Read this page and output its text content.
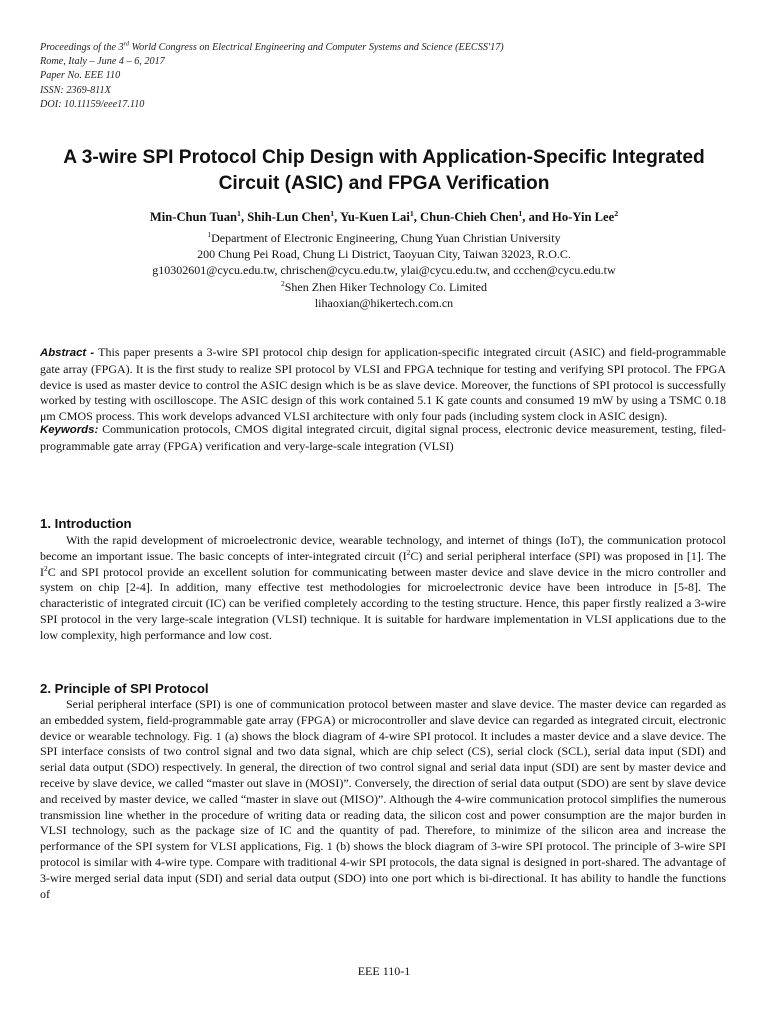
Proceedings of the 3rd World Congress on Electrical Engineering and Computer Systems and Science (EECSS'17)
Rome, Italy – June 4 – 6, 2017
Paper No. EEE 110
ISSN: 2369-811X
DOI: 10.11159/eee17.110
A 3-wire SPI Protocol Chip Design with Application-Specific Integrated
Circuit (ASIC) and FPGA Verification
Min-Chun Tuan$^1$, Shih-Lun Chen$^1$, Yu-Kuen Lai$^1$, Chun-Chieh Chen$^1$, and Ho-Yin Lee$^2$
$^1$Department of Electronic Engineering, Chung Yuan Christian University
200 Chung Pei Road, Chung Li District, Taoyuan City, Taiwan 32023, R.O.C.
g10302601@cycu.edu.tw, chrischen@cycu.edu.tw, ylai@cycu.edu.tw, and ccchen@cycu.edu.tw
$^2$Shen Zhen Hiker Technology Co. Limited
lihaoxian@hikertech.com.cn
Abstract - This paper presents a 3-wire SPI protocol chip design for application-specific integrated circuit (ASIC) and field-programmable gate array (FPGA). It is the first study to realize SPI protocol by VLSI and FPGA technique for testing and verifying SPI protocol. The FPGA device is used as master device to control the ASIC design which is be as slave device. Moreover, the functions of SPI protocol is successfully worked by testing with oscilloscope. The ASIC design of this work contained 5.1 K gate counts and consumed 19 mW by using a TSMC 0.18 μm CMOS process. This work develops advanced VLSI architecture with only four pads (including system clock in ASIC design).
Keywords: Communication protocols, CMOS digital integrated circuit, digital signal process, electronic device measurement, testing, filed-programmable gate array (FPGA) verification and very-large-scale integration (VLSI)
1. Introduction
With the rapid development of microelectronic device, wearable technology, and internet of things (IoT), the communication protocol become an important issue. The basic concepts of inter-integrated circuit $(I^2C)$ and serial peripheral interface (SPI) was proposed in [1]. The $I^2C$ and SPI protocol provide an excellent solution for communicating between master device and slave device in the micro controller and system on chip [2-4]. In addition, many effective test methodologies for microelectronic device have been introduce in [5-8]. The characteristic of integrated circuit (IC) can be verified completely according to the testing structure. Hence, this paper firstly realized a 3-wire SPI protocol in the very large-scale integration (VLSI) technique. It is suitable for hardware implementation in VLSI applications due to the low complexity, high performance and low cost.
2. Principle of SPI Protocol
Serial peripheral interface (SPI) is one of communication protocol between master and slave device. The master device can regarded as an embedded system, field-programmable gate array (FPGA) or microcontroller and slave device can regarded as integrated circuit, electronic device or wearable technology. Fig. 1 (a) shows the block diagram of 4-wire SPI protocol. It includes a master device and a slave device. The SPI interface consists of two control signal and two data signal, which are chip select (CS), serial clock (SCL), serial data input (SDI) and serial data output (SDO) respectively. In general, the direction of two control signal and serial data input (SDI) are sent by master device and receive by slave device, we called “master out slave in (MOSI)”. Conversely, the direction of serial data output (SDO) are sent by slave device and received by master device, we called “master in slave out (MISO)”. Although the 4-wire communication protocol simplifies the numerous transmission line whether in the procedure of writing data or reading data, the silicon cost and power consumption are the major burden in VLSI technology, such as the package size of IC and the quantity of pad. Therefore, to minimize of the silicon area and increase the performance of the SPI system for VLSI applications, Fig. 1 (b) shows the block diagram of 3-wire SPI protocol. The principle of 3-wire SPI protocol is similar with 4-wire type. Compare with traditional 4-wir SPI protocols, the data signal is designed in port-shared. The advantage of 3-wire merged serial data input (SDI) and serial data output (SDO) into one port which is bi-directional. It has ability to handle the functions of
EEE 110-1
